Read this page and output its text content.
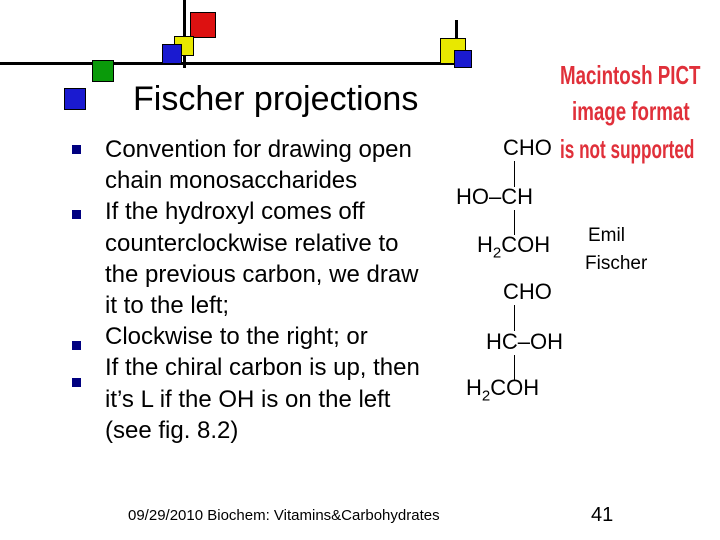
Fischer projections
Convention for drawing open
chain monosaccharides
If the hydroxyl comes off
counterclockwise relative to
the previous carbon, we draw
it to the left;
Clockwise to the right; or
If the chiral carbon is up, then
it’s L if the OH is on the left
(see fig. 8.2)
CHO
HO–CH
$H_2COH$
CHO
HC–OH
$H_2COH$
Macintosh PICT
image format
is not supported
Emil
Fischer
09/29/2010 Biochem: Vitamins&Carbohydrates	41
